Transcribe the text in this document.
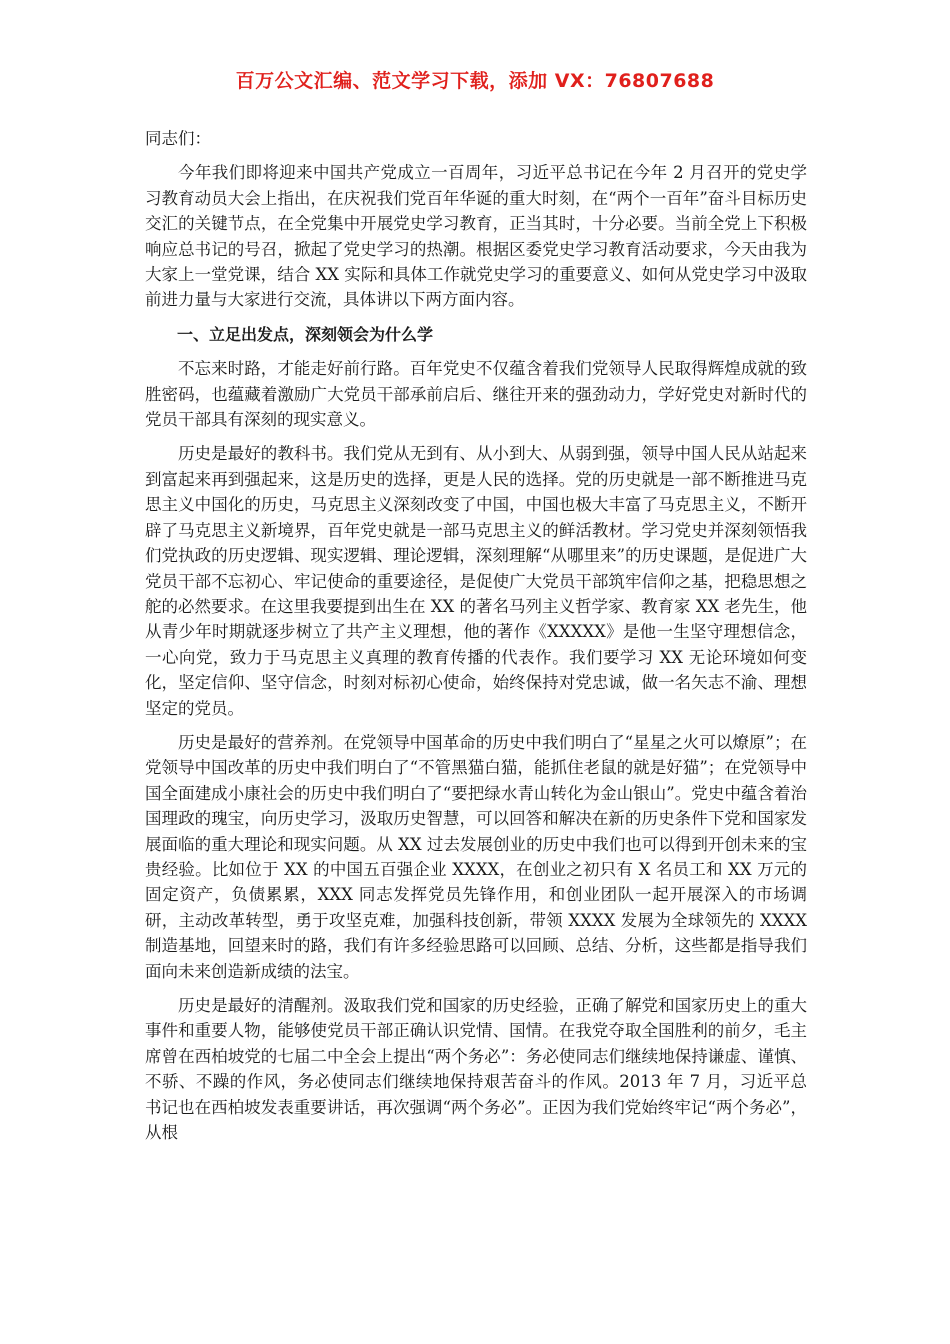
百万公文汇编、范文学习下载，添加 VX：76807688

同志们：

今年我们即将迎来中国共产党成立一百周年，习近平总书记在今年 2 月召开的党史学习教育动员大会上指出，在庆祝我们党百年华诞的重大时刻，在“两个一百年”奋斗目标历史交汇的关键节点，在全党集中开展党史学习教育，正当其时，十分必要。当前全党上下积极响应总书记的号召，掀起了党史学习的热潮。根据区委党史学习教育活动要求，今天由我为大家上一堂党课，结合 XX 实际和具体工作就党史学习的重要意义、如何从党史学习中汲取前进力量与大家进行交流，具体讲以下两方面内容。

一、立足出发点，深刻领会为什么学

不忘来时路，才能走好前行路。百年党史不仅蕴含着我们党领导人民取得辉煌成就的致胜密码，也蕴藏着激励广大党员干部承前启后、继往开来的强劲动力，学好党史对新时代的党员干部具有深刻的现实意义。

历史是最好的教科书。我们党从无到有、从小到大、从弱到强，领导中国人民从站起来到富起来再到强起来，这是历史的选择，更是人民的选择。党的历史就是一部不断推进马克思主义中国化的历史，马克思主义深刻改变了中国，中国也极大丰富了马克思主义，不断开辟了马克思主义新境界，百年党史就是一部马克思主义的鲜活教材。学习党史并深刻领悟我们党执政的历史逻辑、现实逻辑、理论逻辑，深刻理解“从哪里来”的历史课题，是促进广大党员干部不忘初心、牢记使命的重要途径，是促使广大党员干部筑牢信仰之基，把稳思想之舵的必然要求。在这里我要提到出生在 XX 的著名马列主义哲学家、教育家 XX 老先生，他从青少年时期就逐步树立了共产主义理想，他的著作《XXXXX》是他一生坚守理想信念，一心向党，致力于马克思主义真理的教育传播的代表作。我们要学习 XX 无论环境如何变化，坚定信仰、坚守信念，时刻对标初心使命，始终保持对党忠诚，做一名矢志不渝、理想坚定的党员。

历史是最好的营养剂。在党领导中国革命的历史中我们明白了“星星之火可以燎原”；在党领导中国改革的历史中我们明白了“不管黑猫白猫，能抓住老鼠的就是好猫”；在党领导中国全面建成小康社会的历史中我们明白了“要把绿水青山转化为金山银山”。党史中蕴含着治国理政的瑰宝，向历史学习，汲取历史智慧，可以回答和解决在新的历史条件下党和国家发展面临的重大理论和现实问题。从 XX 过去发展创业的历史中我们也可以得到开创未来的宝贵经验。比如位于 XX 的中国五百强企业 XXXX，在创业之初只有 X 名员工和 XX 万元的固定资产，负债累累，XXX 同志发挥党员先锋作用，和创业团队一起开展深入的市场调研，主动改革转型，勇于攻坚克难，加强科技创新，带领 XXXX 发展为全球领先的 XXXX 制造基地，回望来时的路，我们有许多经验思路可以回顾、总结、分析，这些都是指导我们面向未来创造新成绩的法宝。

历史是最好的清醒剂。汲取我们党和国家的历史经验，正确了解党和国家历史上的重大事件和重要人物，能够使党员干部正确认识党情、国情。在我党夺取全国胜利的前夕，毛主席曾在西柏坡党的七届二中全会上提出“两个务必”：务必使同志们继续地保持谦虚、谨慎、不骄、不躁的作风，务必使同志们继续地保持艰苦奋斗的作风。2013 年 7 月，习近平总书记也在西柏坡发表重要讲话，再次强调“两个务必”。正因为我们党始终牢记“两个务必”，从根
